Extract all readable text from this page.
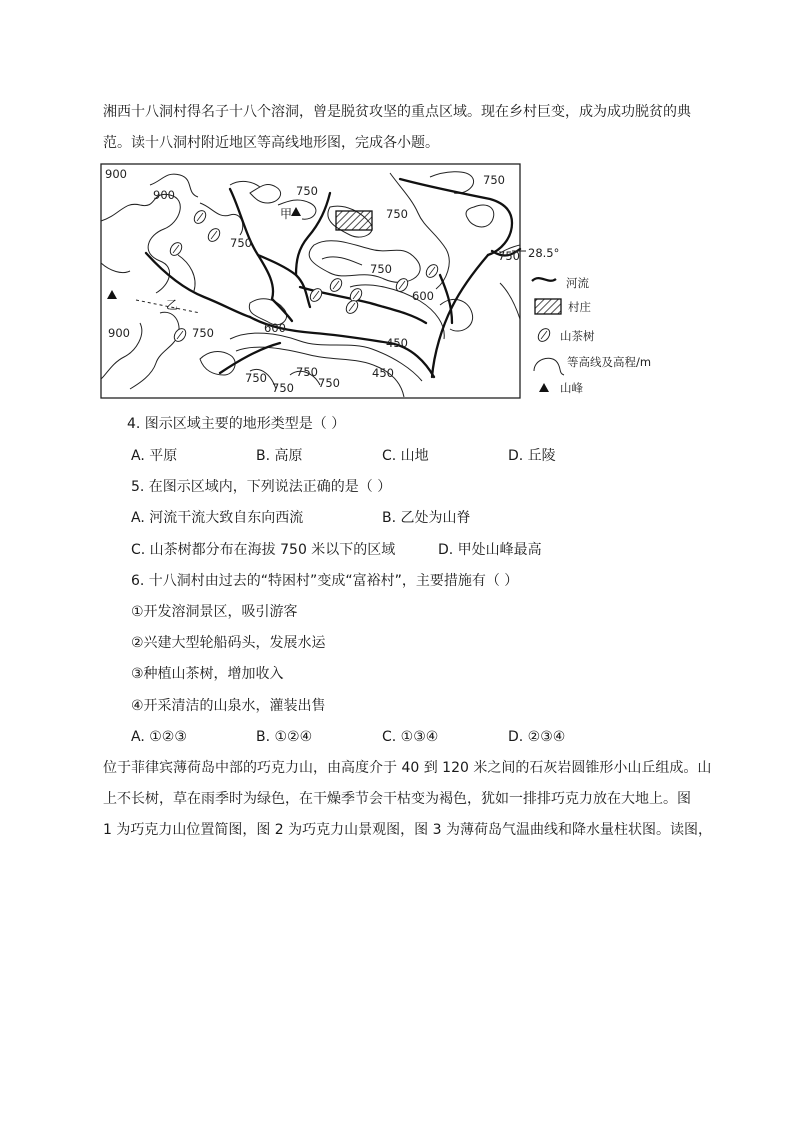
湘西十八洞村得名子十八个溶洞，曾是脱贫攻坚的重点区域。现在乡村巨变，成为成功脱贫的典
范。读十八洞村附近地区等高线地形图，完成各小题。
900
900
900
750
750
750
750
750
750
750
750
750
750
750
600
600
450
450
28.5°
甲
乙
河流
村庄
山茶树
等高线及高程/m
山峰
4. 图示区域主要的地形类型是（ ）
A. 平原	B. 高原	C. 山地	D. 丘陵
5. 在图示区域内，下列说法正确的是（ ）
A. 河流干流大致自东向西流	B. 乙处为山脊
C. 山茶树都分布在海拔 750 米以下的区域	D. 甲处山峰最高
6. 十八洞村由过去的“特困村”变成“富裕村”，主要措施有（ ）
①开发溶洞景区，吸引游客
②兴建大型轮船码头，发展水运
③种植山茶树，增加收入
④开采清洁的山泉水，灌装出售
A. ①②③	B. ①②④	C. ①③④	D. ②③④
位于菲律宾薄荷岛中部的巧克力山，由高度介于 40 到 120 米之间的石灰岩圆锥形小山丘组成。山
上不长树，草在雨季时为绿色，在干燥季节会干枯变为褐色，犹如一排排巧克力放在大地上。图
1 为巧克力山位置简图，图 2 为巧克力山景观图，图 3 为薄荷岛气温曲线和降水量柱状图。读图，
